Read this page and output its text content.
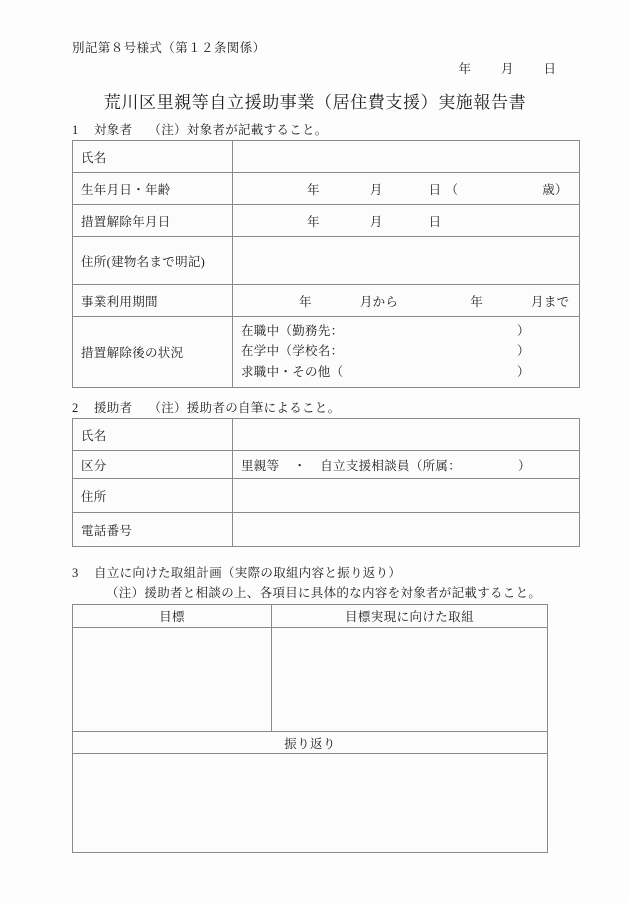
別記第８号様式（第１２条関係）
年 月 日
荒川区里親等自立援助事業（居住費支援）実施報告書
1 対象者 （注）対象者が記載すること。
氏名	
生年月日・年齢	年 月 日 （ 歳）
措置解除年月日	年 月 日
住所(建物名まで明記)	
事業利用期間	年 月から 年 月まで
措置解除後の状況	
在職中（勤務先：	）
在学中（学校名：	）
求職中・その他（	）
2 援助者 （注）援助者の自筆によること。
氏名	
区分	里親等 ・ 自立支援相談員（所属： ）

住所	
電話番号	
3 自立に向けた取組計画（実際の取組内容と振り返り）
（注）援助者と相談の上、各項目に具体的な内容を対象者が記載すること。
目標	目標実現に向けた取組

振り返り	
